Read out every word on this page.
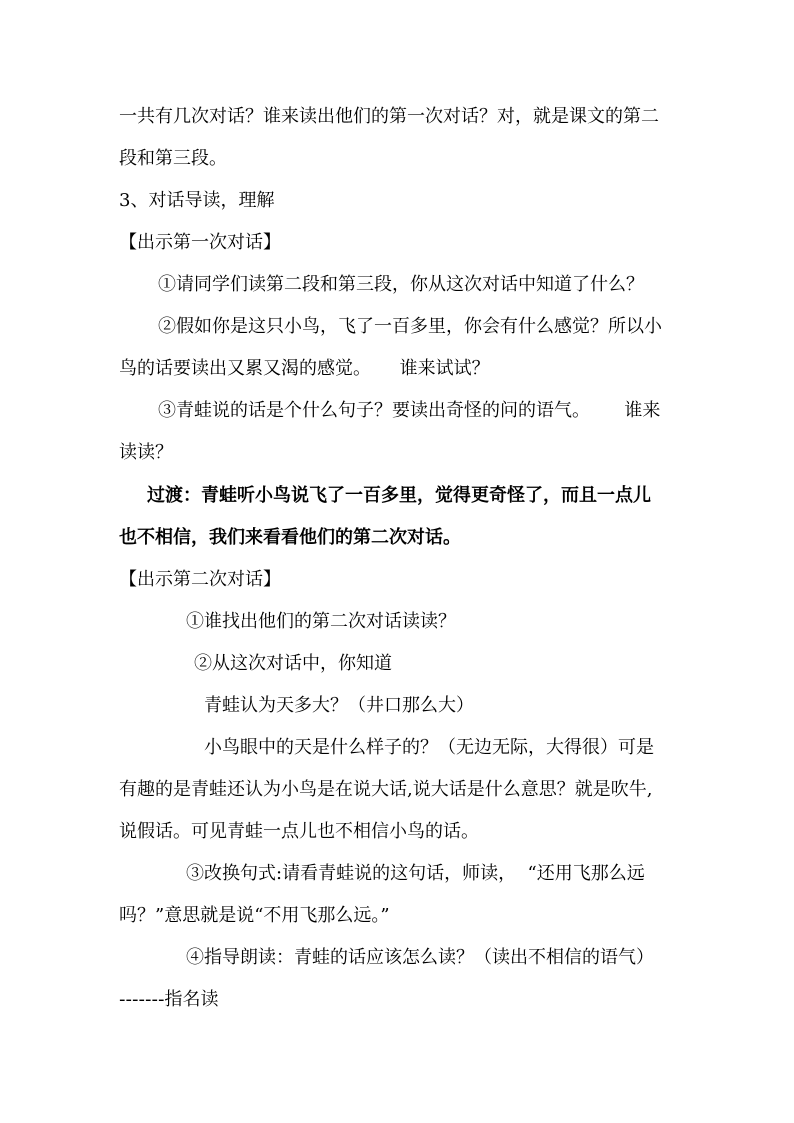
一共有几次对话？谁来读出他们的第一次对话？对，就是课文的第二
段和第三段。
3、对话导读，理解
【出示第一次对话】
①请同学们读第二段和第三段，你从这次对话中知道了什么？
②假如你是这只小鸟，飞了一百多里，你会有什么感觉？所以小
鸟的话要读出又累又渴的感觉。     谁来试试？
③青蛙说的话是个什么句子？要读出奇怪的问的语气。      谁来
读读？
过渡：青蛙听小鸟说飞了一百多里，觉得更奇怪了，而且一点儿
也不相信，我们来看看他们的第二次对话。
【出示第二次对话】
①谁找出他们的第二次对话读读？
②从这次对话中，你知道
青蛙认为天多大？（井口那么大）
小鸟眼中的天是什么样子的？（无边无际，大得很）可是
有趣的是青蛙还认为小鸟是在说大话,说大话是什么意思？就是吹牛,
说假话。可见青蛙一点儿也不相信小鸟的话。
③改换句式:请看青蛙说的这句话，师读，  “还用飞那么远
吗？”意思就是说“不用飞那么远。”
④指导朗读：青蛙的话应该怎么读？（读出不相信的语气）
-------指名读
